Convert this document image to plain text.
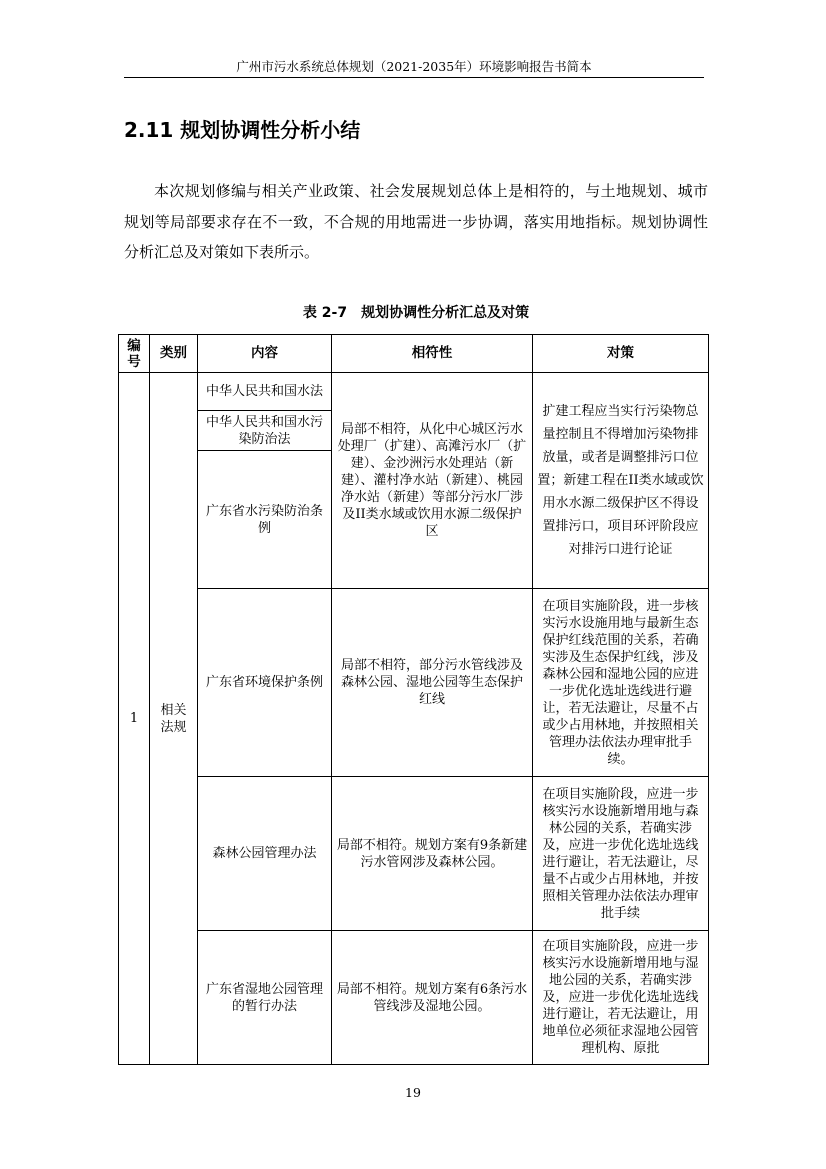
广州市污水系统总体规划（2021-2035年）环境影响报告书简本
2.11 规划协调性分析小结
本次规划修编与相关产业政策、社会发展规划总体上是相符的，与土地规划、城市规划等局部要求存在不一致，不合规的用地需进一步协调，落实用地指标。规划协调性分析汇总及对策如下表所示。
表 2-7　规划协调性分析汇总及对策
编号	类别	内容	相符性	对策
1	相关法规	中华人民共和国水法	局部不相符，从化中心城区污水处理厂（扩建）、高滩污水厂（扩建）、金沙洲污水处理站（新建）、灌村净水站（新建）、桃园净水站（新建）等部分污水厂涉及II类水域或饮用水源二级保护区	扩建工程应当实行污染物总量控制且不得增加污染物排放量，或者是调整排污口位置；新建工程在II类水域或饮用水水源二级保护区不得设置排污口，项目环评阶段应对排污口进行论证
		中华人民共和国水污染防治法		
		广东省水污染防治条例		
		广东省环境保护条例	局部不相符，部分污水管线涉及森林公园、湿地公园等生态保护红线	在项目实施阶段，进一步核实污水设施用地与最新生态保护红线范围的关系，若确实涉及生态保护红线，涉及森林公园和湿地公园的应进一步优化选址选线进行避让，若无法避让，尽量不占或少占用林地，并按照相关管理办法依法办理审批手续。
		森林公园管理办法	局部不相符。规划方案有9条新建污水管网涉及森林公园。	在项目实施阶段，应进一步核实污水设施新增用地与森林公园的关系，若确实涉及，应进一步优化选址选线进行避让，若无法避让，尽量不占或少占用林地，并按照相关管理办法依法办理审批手续
		广东省湿地公园管理的暂行办法	局部不相符。规划方案有6条污水管线涉及湿地公园。	在项目实施阶段，应进一步核实污水设施新增用地与湿地公园的关系，若确实涉及，应进一步优化选址选线进行避让，若无法避让，用地单位必须征求湿地公园管理机构、原批
19
